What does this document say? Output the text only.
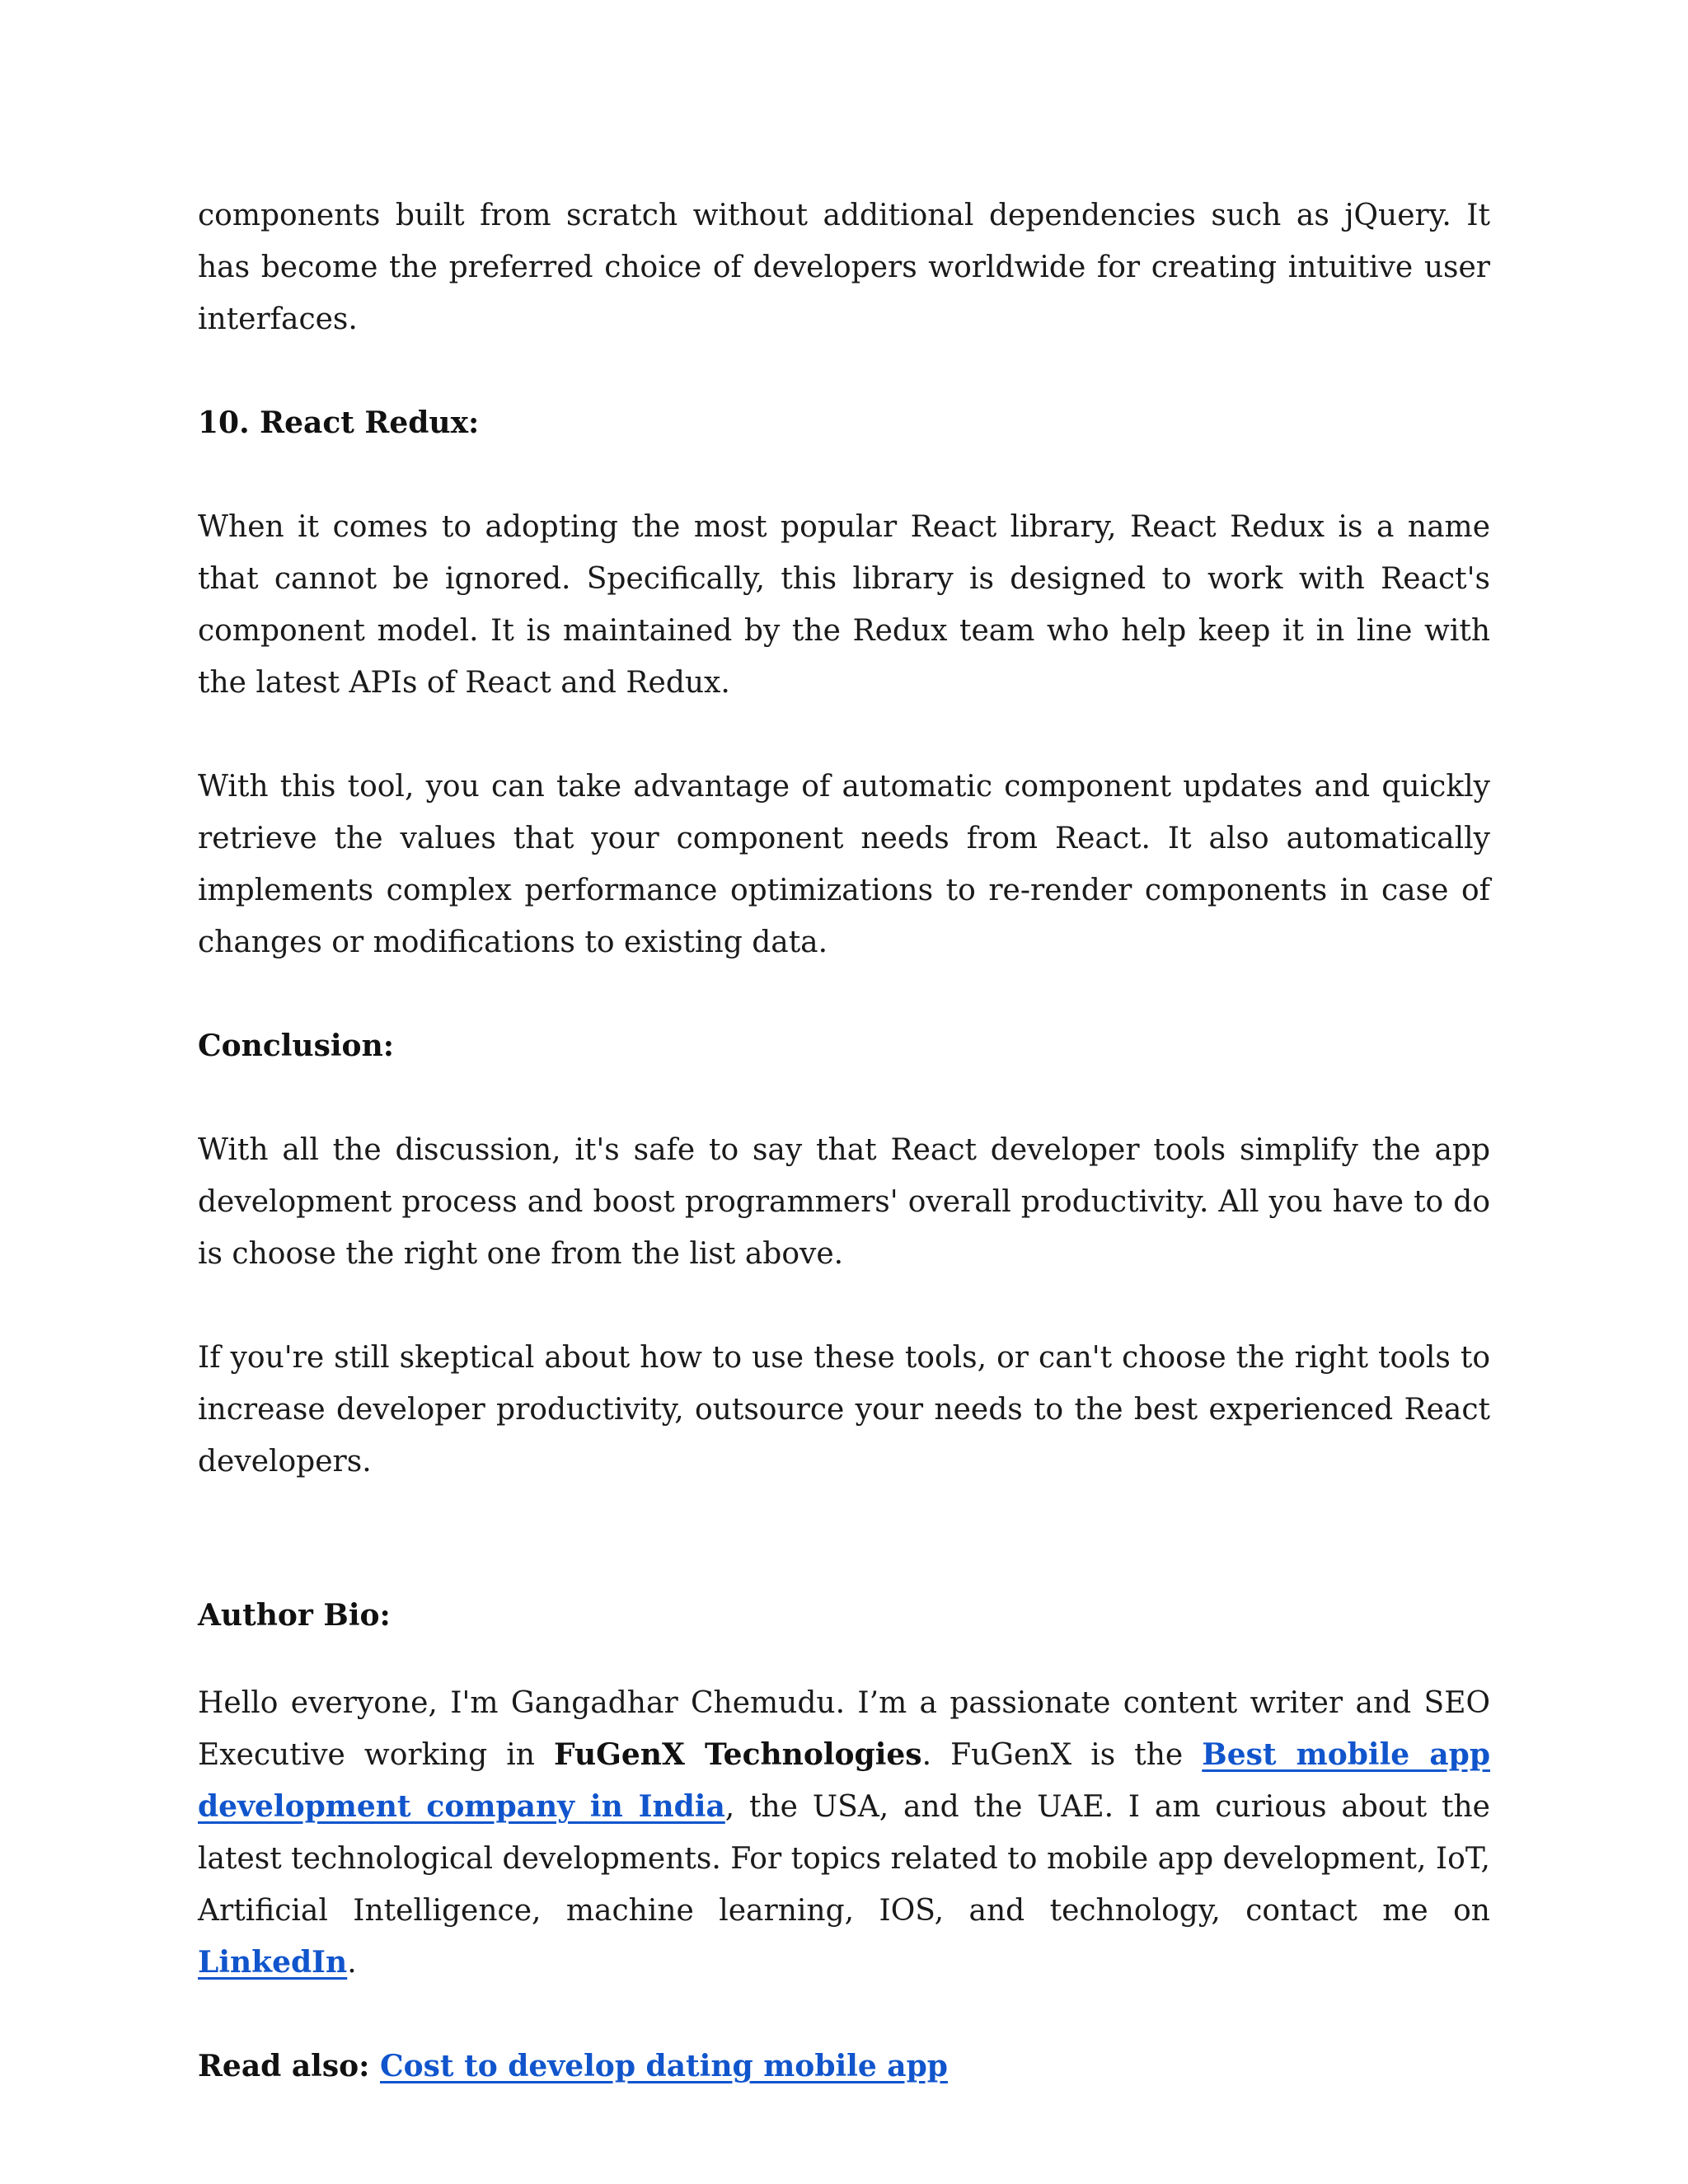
components built from scratch without additional dependencies such as jQuery. It has become the preferred choice of developers worldwide for creating intuitive user interfaces.

10. React Redux:

When it comes to adopting the most popular React library, React Redux is a name that cannot be ignored. Specifically, this library is designed to work with React's component model. It is maintained by the Redux team who help keep it in line with the latest APIs of React and Redux.

With this tool, you can take advantage of automatic component updates and quickly retrieve the values that your component needs from React. It also automatically implements complex performance optimizations to re-render components in case of changes or modifications to existing data.

Conclusion:

With all the discussion, it's safe to say that React developer tools simplify the app development process and boost programmers' overall productivity. All you have to do is choose the right one from the list above.

If you're still skeptical about how to use these tools, or can't choose the right tools to increase developer productivity, outsource your needs to the best experienced React developers.

Author Bio:

Hello everyone, I'm Gangadhar Chemudu. I’m a passionate content writer and SEO Executive working in FuGenX Technologies. FuGenX is the Best mobile app development company in India, the USA, and the UAE. I am curious about the latest technological developments. For topics related to mobile app development, IoT, Artificial Intelligence, machine learning, IOS, and technology, contact me on LinkedIn.

Read also: Cost to develop dating mobile app
